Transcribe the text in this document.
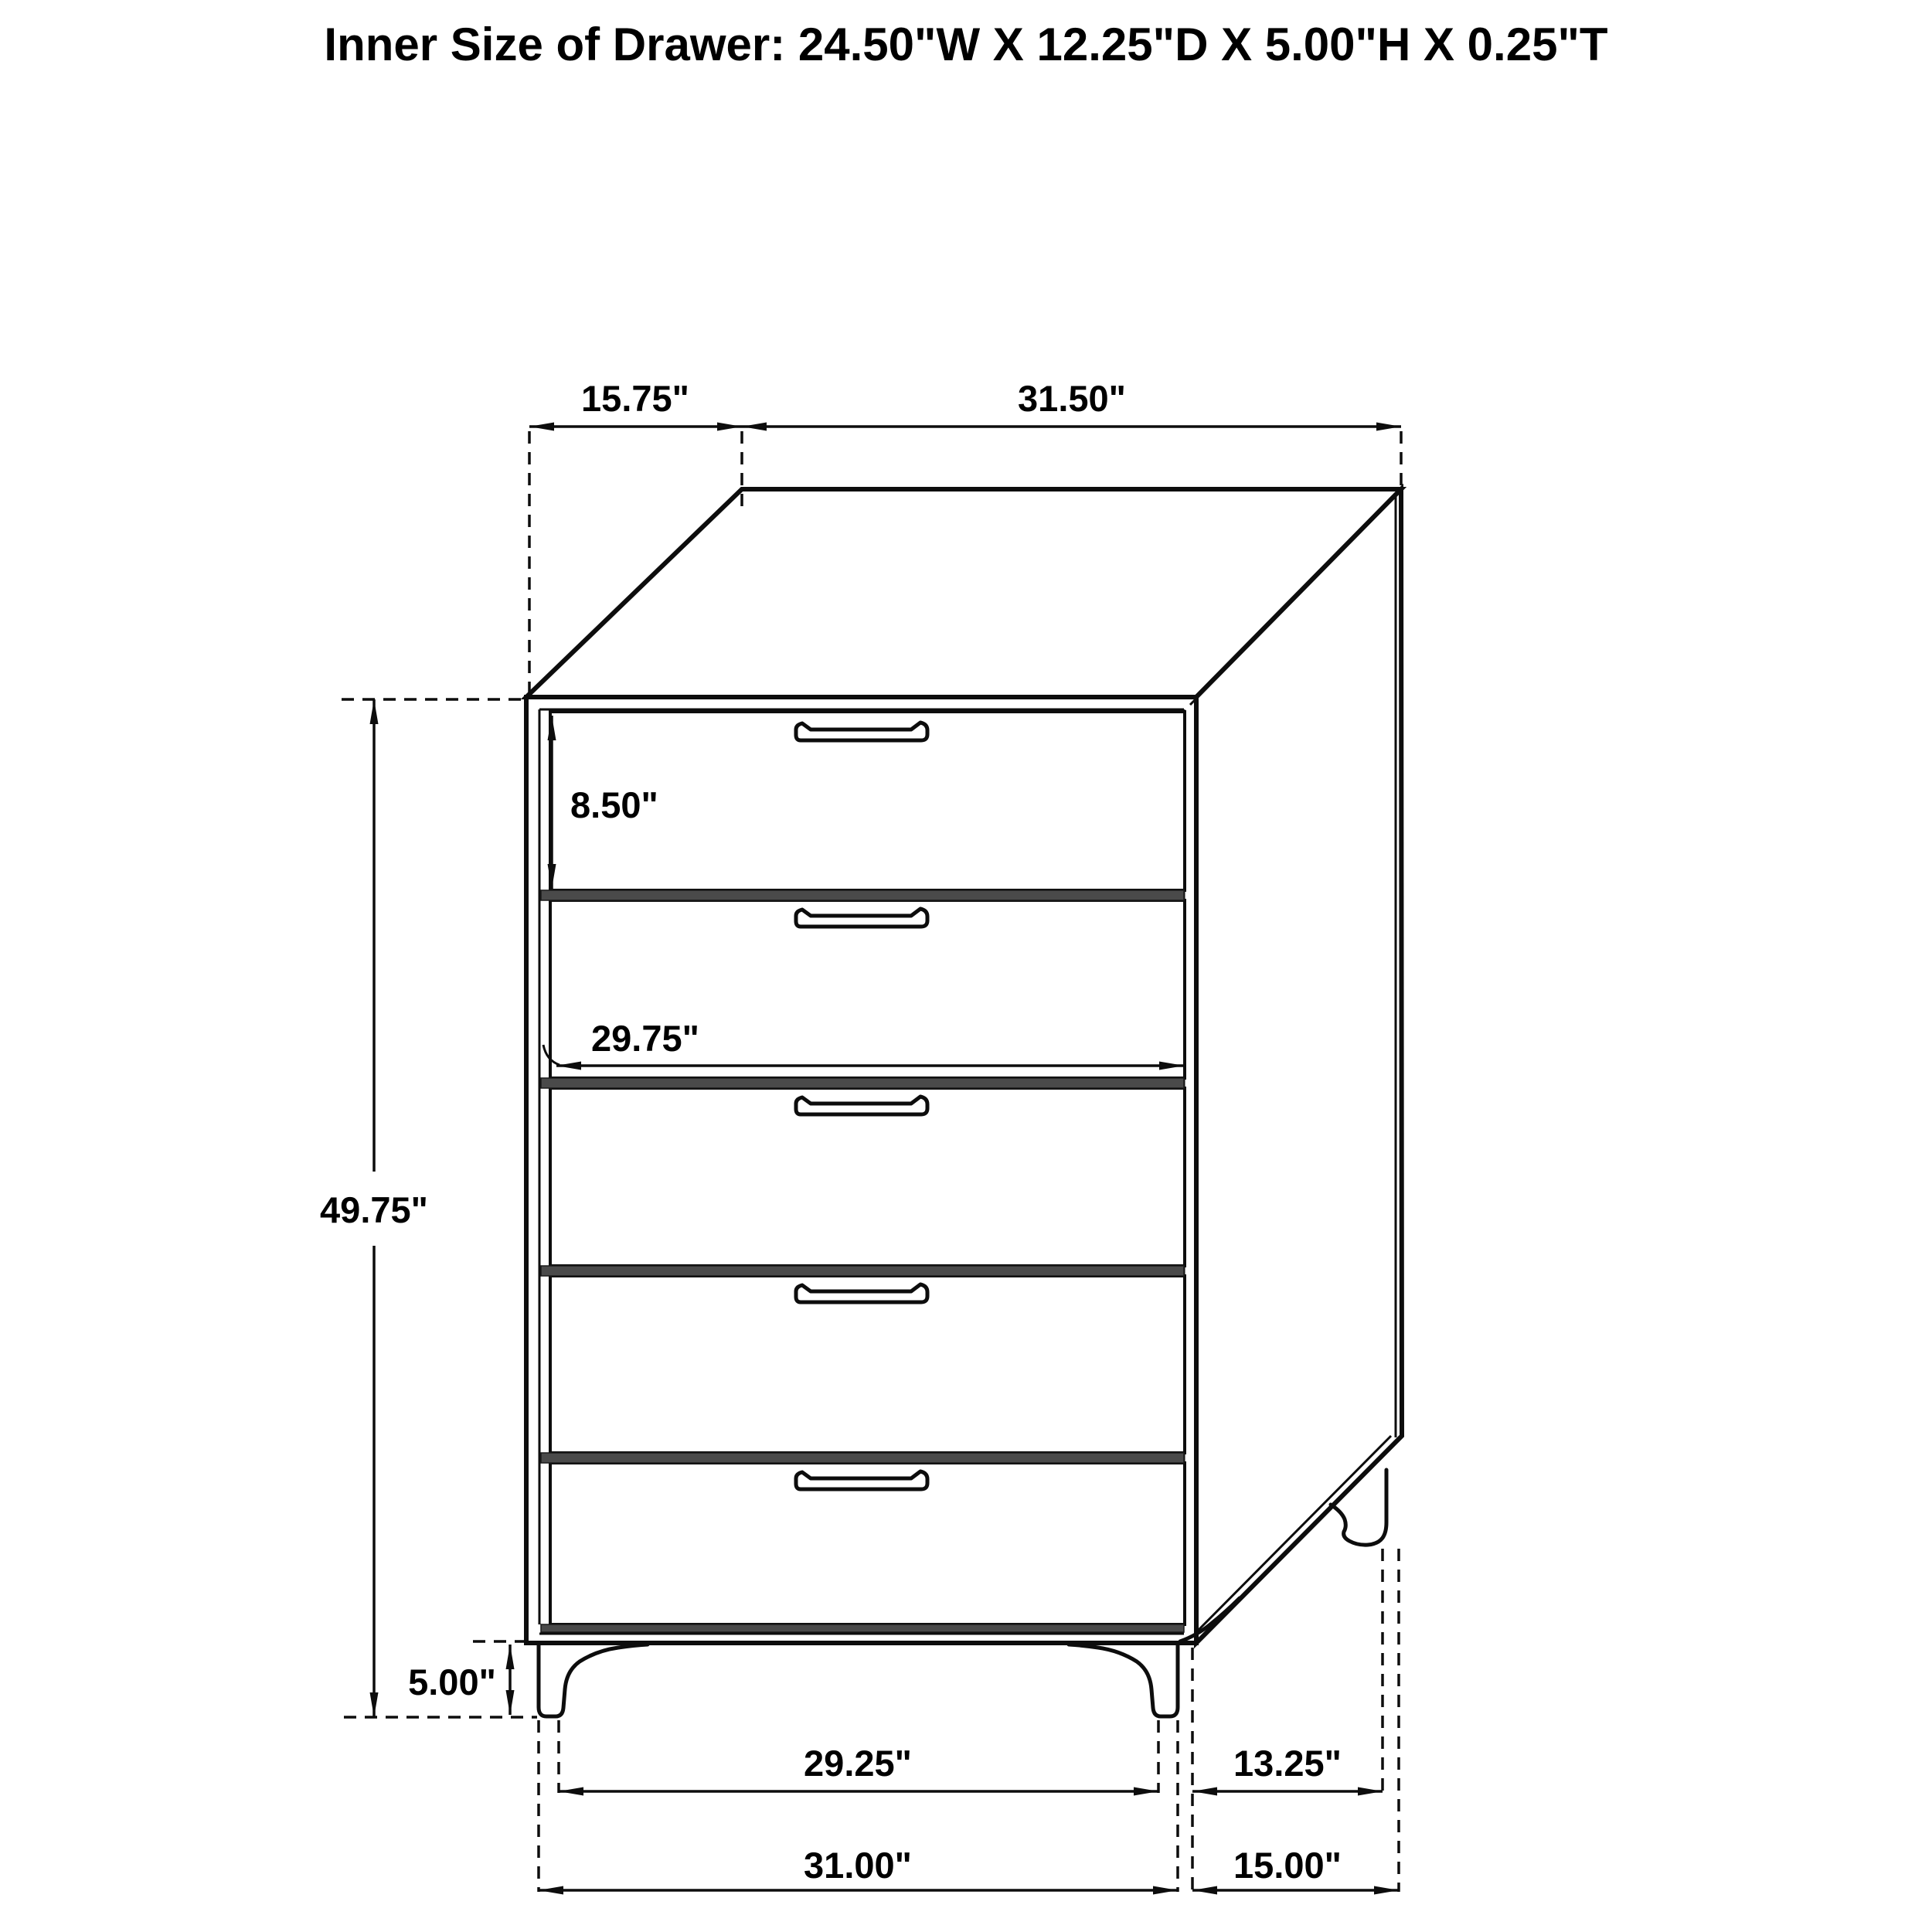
Inner Size of Drawer: 24.50"W X 12.25"D X 5.00"H X 0.25"T
15.75"	31.50"
49.75"
8.50"
29.75"
5.00"
29.25"	13.25"
31.00"	15.00"
